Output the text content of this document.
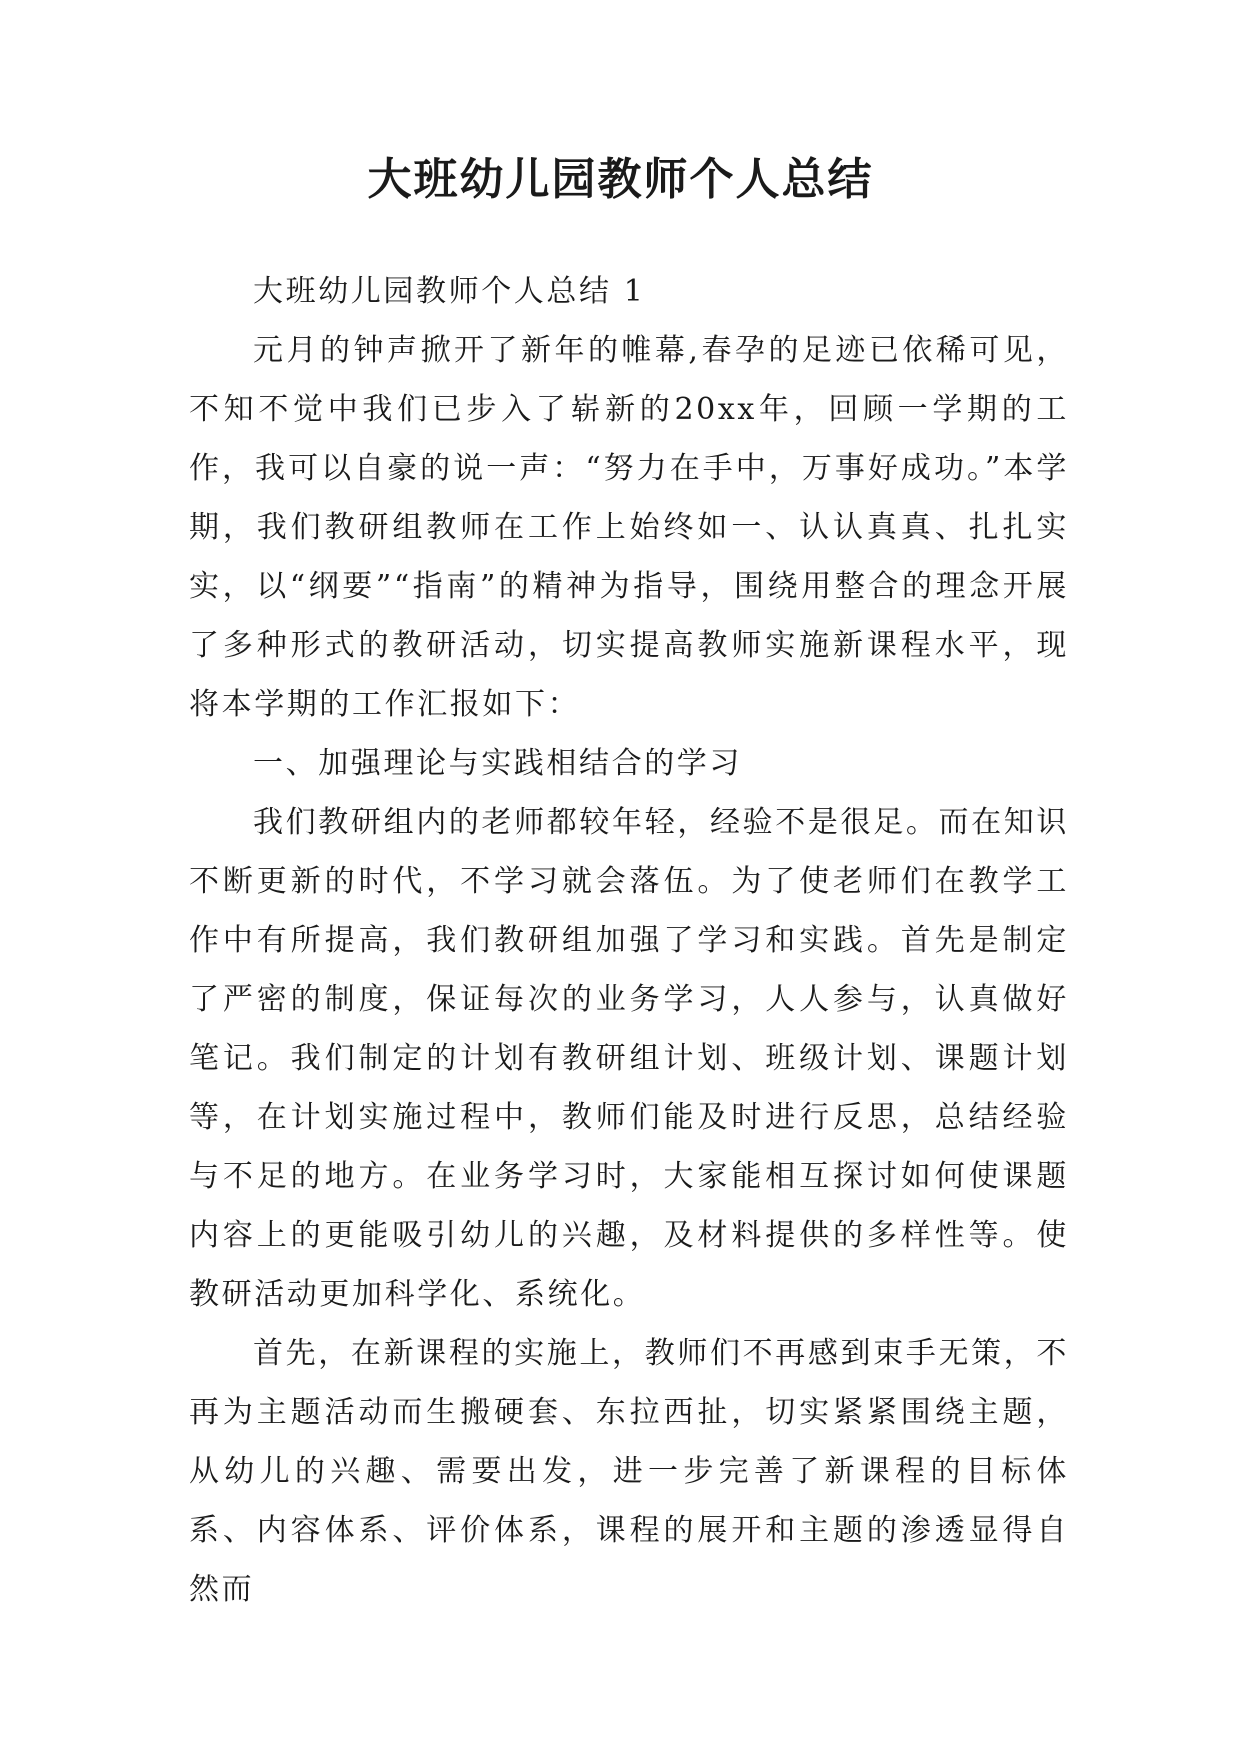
大班幼儿园教师个人总结

大班幼儿园教师个人总结 1

元月的钟声掀开了新年的帷幕,春孕的足迹已依稀可见，不知不觉中我们已步入了崭新的20xx年，回顾一学期的工作，我可以自豪的说一声：“努力在手中，万事好成功。”本学期，我们教研组教师在工作上始终如一、认认真真、扎扎实实，以“纲要”“指南”的精神为指导，围绕用整合的理念开展了多种形式的教研活动，切实提高教师实施新课程水平，现将本学期的工作汇报如下：

一、加强理论与实践相结合的学习

我们教研组内的老师都较年轻，经验不是很足。而在知识不断更新的时代，不学习就会落伍。为了使老师们在教学工作中有所提高，我们教研组加强了学习和实践。首先是制定了严密的制度，保证每次的业务学习，人人参与，认真做好笔记。我们制定的计划有教研组计划、班级计划、课题计划等，在计划实施过程中，教师们能及时进行反思，总结经验与不足的地方。在业务学习时，大家能相互探讨如何使课题内容上的更能吸引幼儿的兴趣，及材料提供的多样性等。使教研活动更加科学化、系统化。

首先，在新课程的实施上，教师们不再感到束手无策，不再为主题活动而生搬硬套、东拉西扯，切实紧紧围绕主题，从幼儿的兴趣、需要出发，进一步完善了新课程的目标体系、内容体系、评价体系，课程的展开和主题的渗透显得自然而
